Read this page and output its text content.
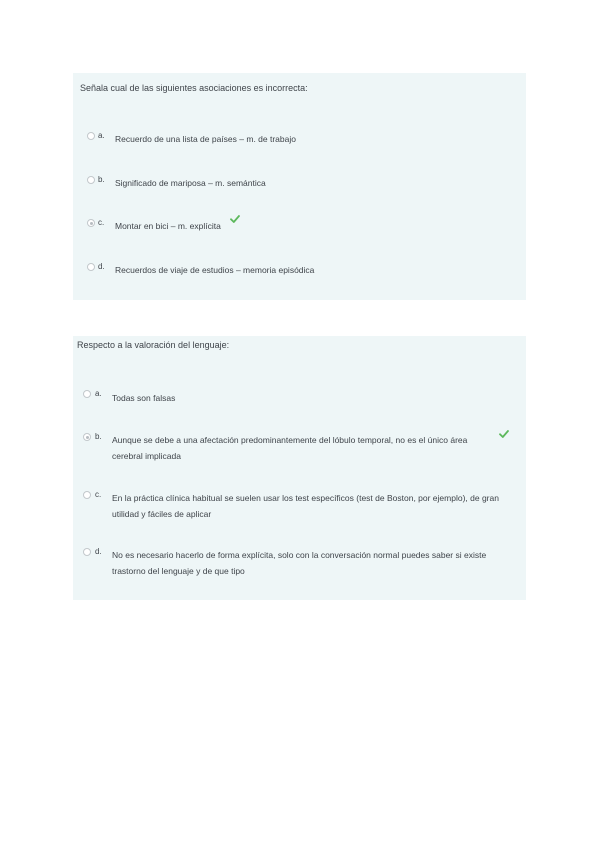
Señala cual de las siguientes asociaciones es incorrecta:
a. Recuerdo de una lista de países – m. de trabajo
b. Significado de mariposa – m. semántica
c. Montar en bici – m. explícita
d. Recuerdos de viaje de estudios – memoria episódica
Respecto a la valoración del lenguaje:
a. Todas son falsas
b. Aunque se debe a una afectación predominantemente del lóbulo temporal, no es el único área cerebral implicada
c. En la práctica clínica habitual se suelen usar los test específicos (test de Boston, por ejemplo), de gran utilidad y fáciles de aplicar
d. No es necesario hacerlo de forma explícita, solo con la conversación normal puedes saber si existe trastorno del lenguaje y de que tipo
